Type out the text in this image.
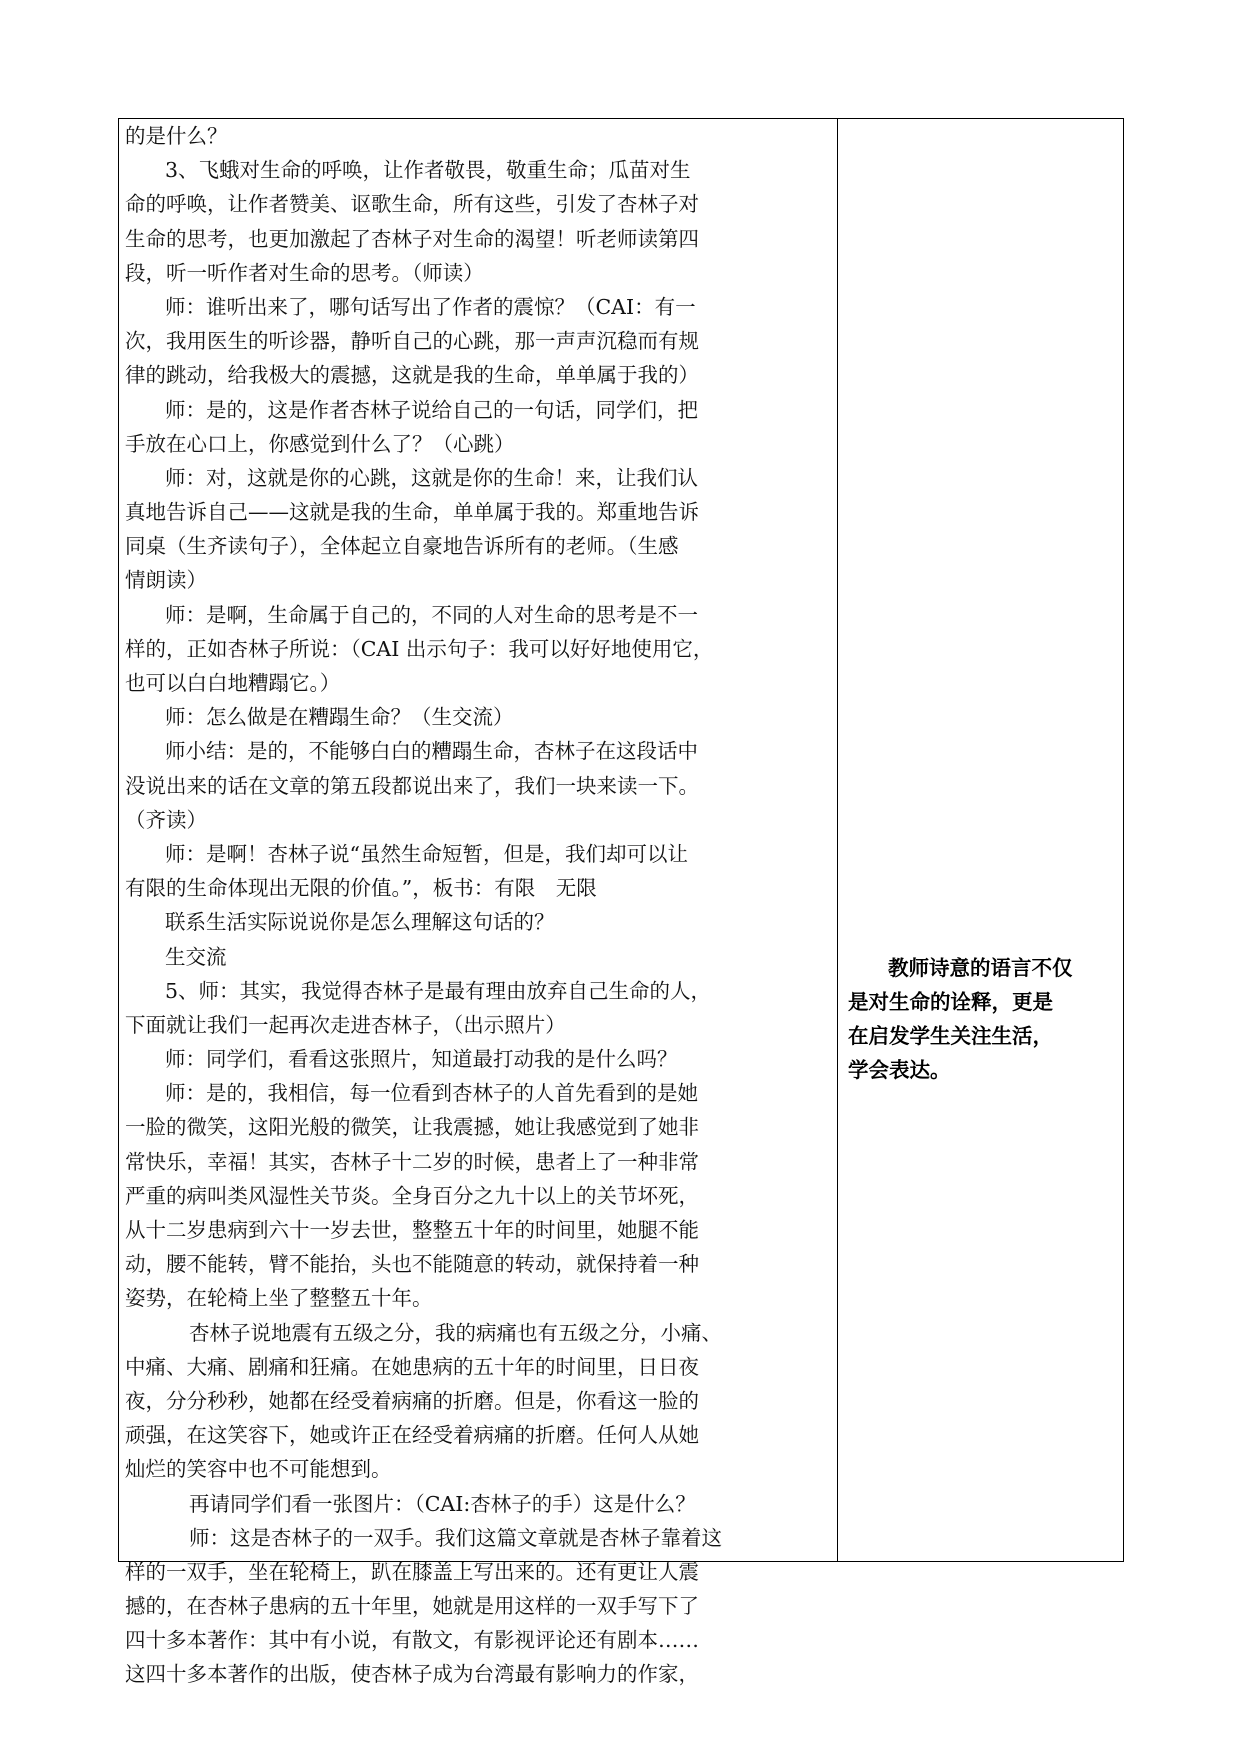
的是什么？
3、飞蛾对生命的呼唤，让作者敬畏，敬重生命；瓜苗对生
命的呼唤，让作者赞美、讴歌生命，所有这些，引发了杏林子对
生命的思考，也更加激起了杏林子对生命的渴望！听老师读第四
段，听一听作者对生命的思考。（师读）
师：谁听出来了，哪句话写出了作者的震惊？（CAI：有一
次，我用医生的听诊器，静听自己的心跳，那一声声沉稳而有规
律的跳动，给我极大的震撼，这就是我的生命，单单属于我的）
师：是的，这是作者杏林子说给自己的一句话，同学们，把
手放在心口上，你感觉到什么了？（心跳）
师：对，这就是你的心跳，这就是你的生命！来，让我们认
真地告诉自己——这就是我的生命，单单属于我的。郑重地告诉
同桌（生齐读句子），全体起立自豪地告诉所有的老师。（生感
情朗读）
师：是啊，生命属于自己的，不同的人对生命的思考是不一
样的，正如杏林子所说：（CAI 出示句子：我可以好好地使用它，
也可以白白地糟蹋它。）
师：怎么做是在糟蹋生命？（生交流）
师小结：是的，不能够白白的糟蹋生命，杏林子在这段话中
没说出来的话在文章的第五段都说出来了，我们一块来读一下。
（齐读）
师：是啊！杏林子说“虽然生命短暂，但是，我们却可以让
有限的生命体现出无限的价值。”，板书：有限　无限
联系生活实际说说你是怎么理解这句话的？
生交流
5、师：其实，我觉得杏林子是最有理由放弃自己生命的人，
下面就让我们一起再次走进杏林子，（出示照片）
师：同学们，看看这张照片，知道最打动我的是什么吗？
师：是的，我相信，每一位看到杏林子的人首先看到的是她
一脸的微笑，这阳光般的微笑，让我震撼，她让我感觉到了她非
常快乐，幸福！其实，杏林子十二岁的时候，患者上了一种非常
严重的病叫类风湿性关节炎。全身百分之九十以上的关节坏死，
从十二岁患病到六十一岁去世，整整五十年的时间里，她腿不能
动，腰不能转，臂不能抬，头也不能随意的转动，就保持着一种
姿势，在轮椅上坐了整整五十年。
杏林子说地震有五级之分，我的病痛也有五级之分，小痛、
中痛、大痛、剧痛和狂痛。在她患病的五十年的时间里，日日夜
夜，分分秒秒，她都在经受着病痛的折磨。但是，你看这一脸的
顽强，在这笑容下，她或许正在经受着病痛的折磨。任何人从她
灿烂的笑容中也不可能想到。
再请同学们看一张图片：（CAI:杏林子的手）这是什么？
师：这是杏林子的一双手。我们这篇文章就是杏林子靠着这
样的一双手，坐在轮椅上，趴在膝盖上写出来的。还有更让人震
撼的，在杏林子患病的五十年里，她就是用这样的一双手写下了
四十多本著作：其中有小说，有散文，有影视评论还有剧本……
这四十多本著作的出版，使杏林子成为台湾最有影响力的作家，
教师诗意的语言不仅
是对生命的诠释，更是
在启发学生关注生活，
学会表达。
